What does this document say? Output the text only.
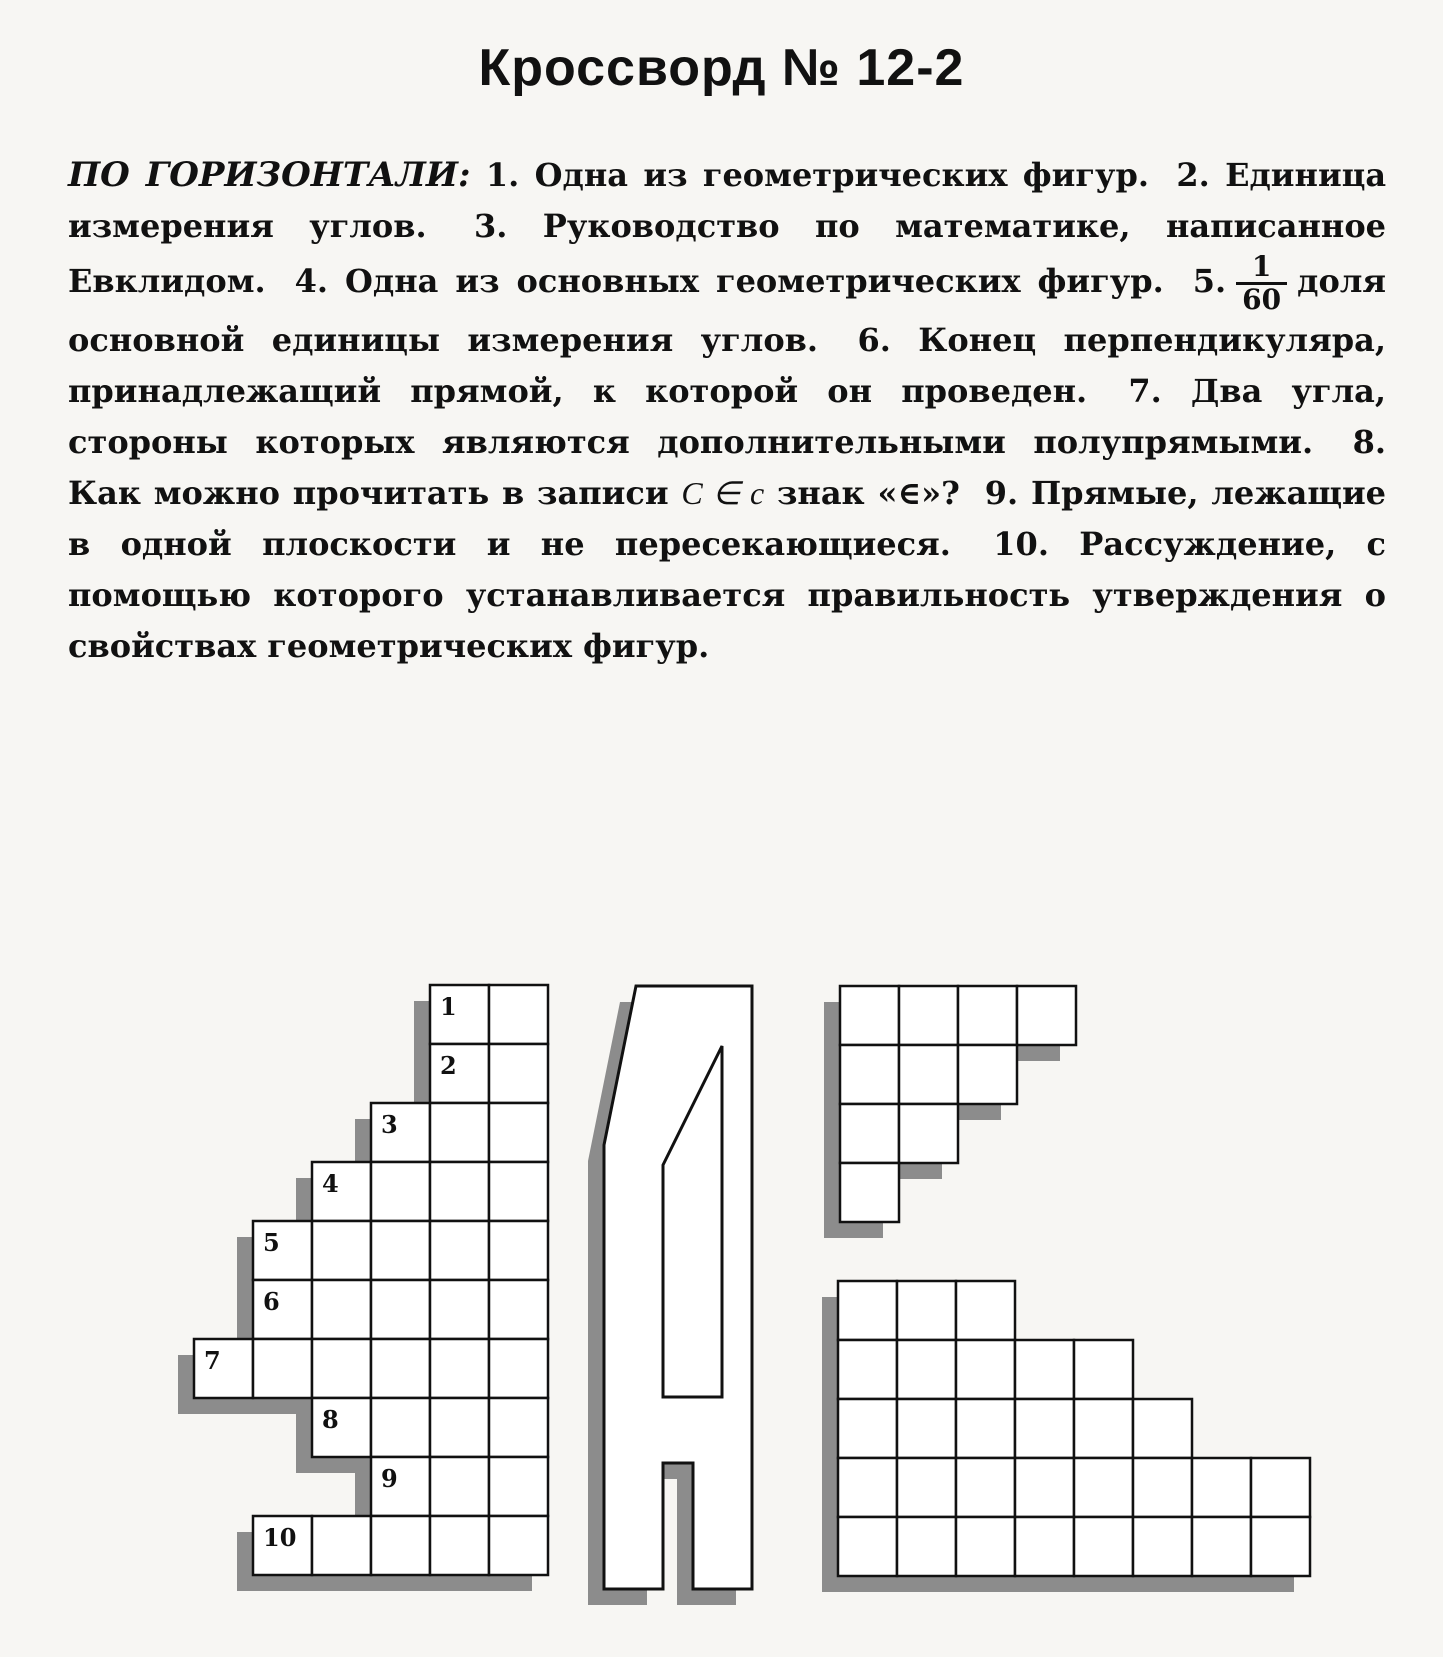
Кроссворд № 12-2
ПО ГОРИЗОНТАЛИ: 1. Одна из геометрических фигур. 2. Единица измерения углов. 3. Руководство по математике, написанное Евклидом. 4. Одна из основных геометрических фигур. 5. $\frac{1}{60}$ доля основной единицы измерения углов. 6. Конец перпендикуляра, принадлежащий прямой, к которой он проведен. 7. Два угла, стороны которых являются дополнительными полупрямыми. 8. Как можно прочитать в записи C ∈ c знак «∈»? 9. Прямые, лежащие в одной плоскости и не пересекающиеся. 10. Рассуждение, с помощью которого устанавливается правильность утверждения о свойствах геометрических фигур.
1
2
3
4
5
6
7
8
9
10
